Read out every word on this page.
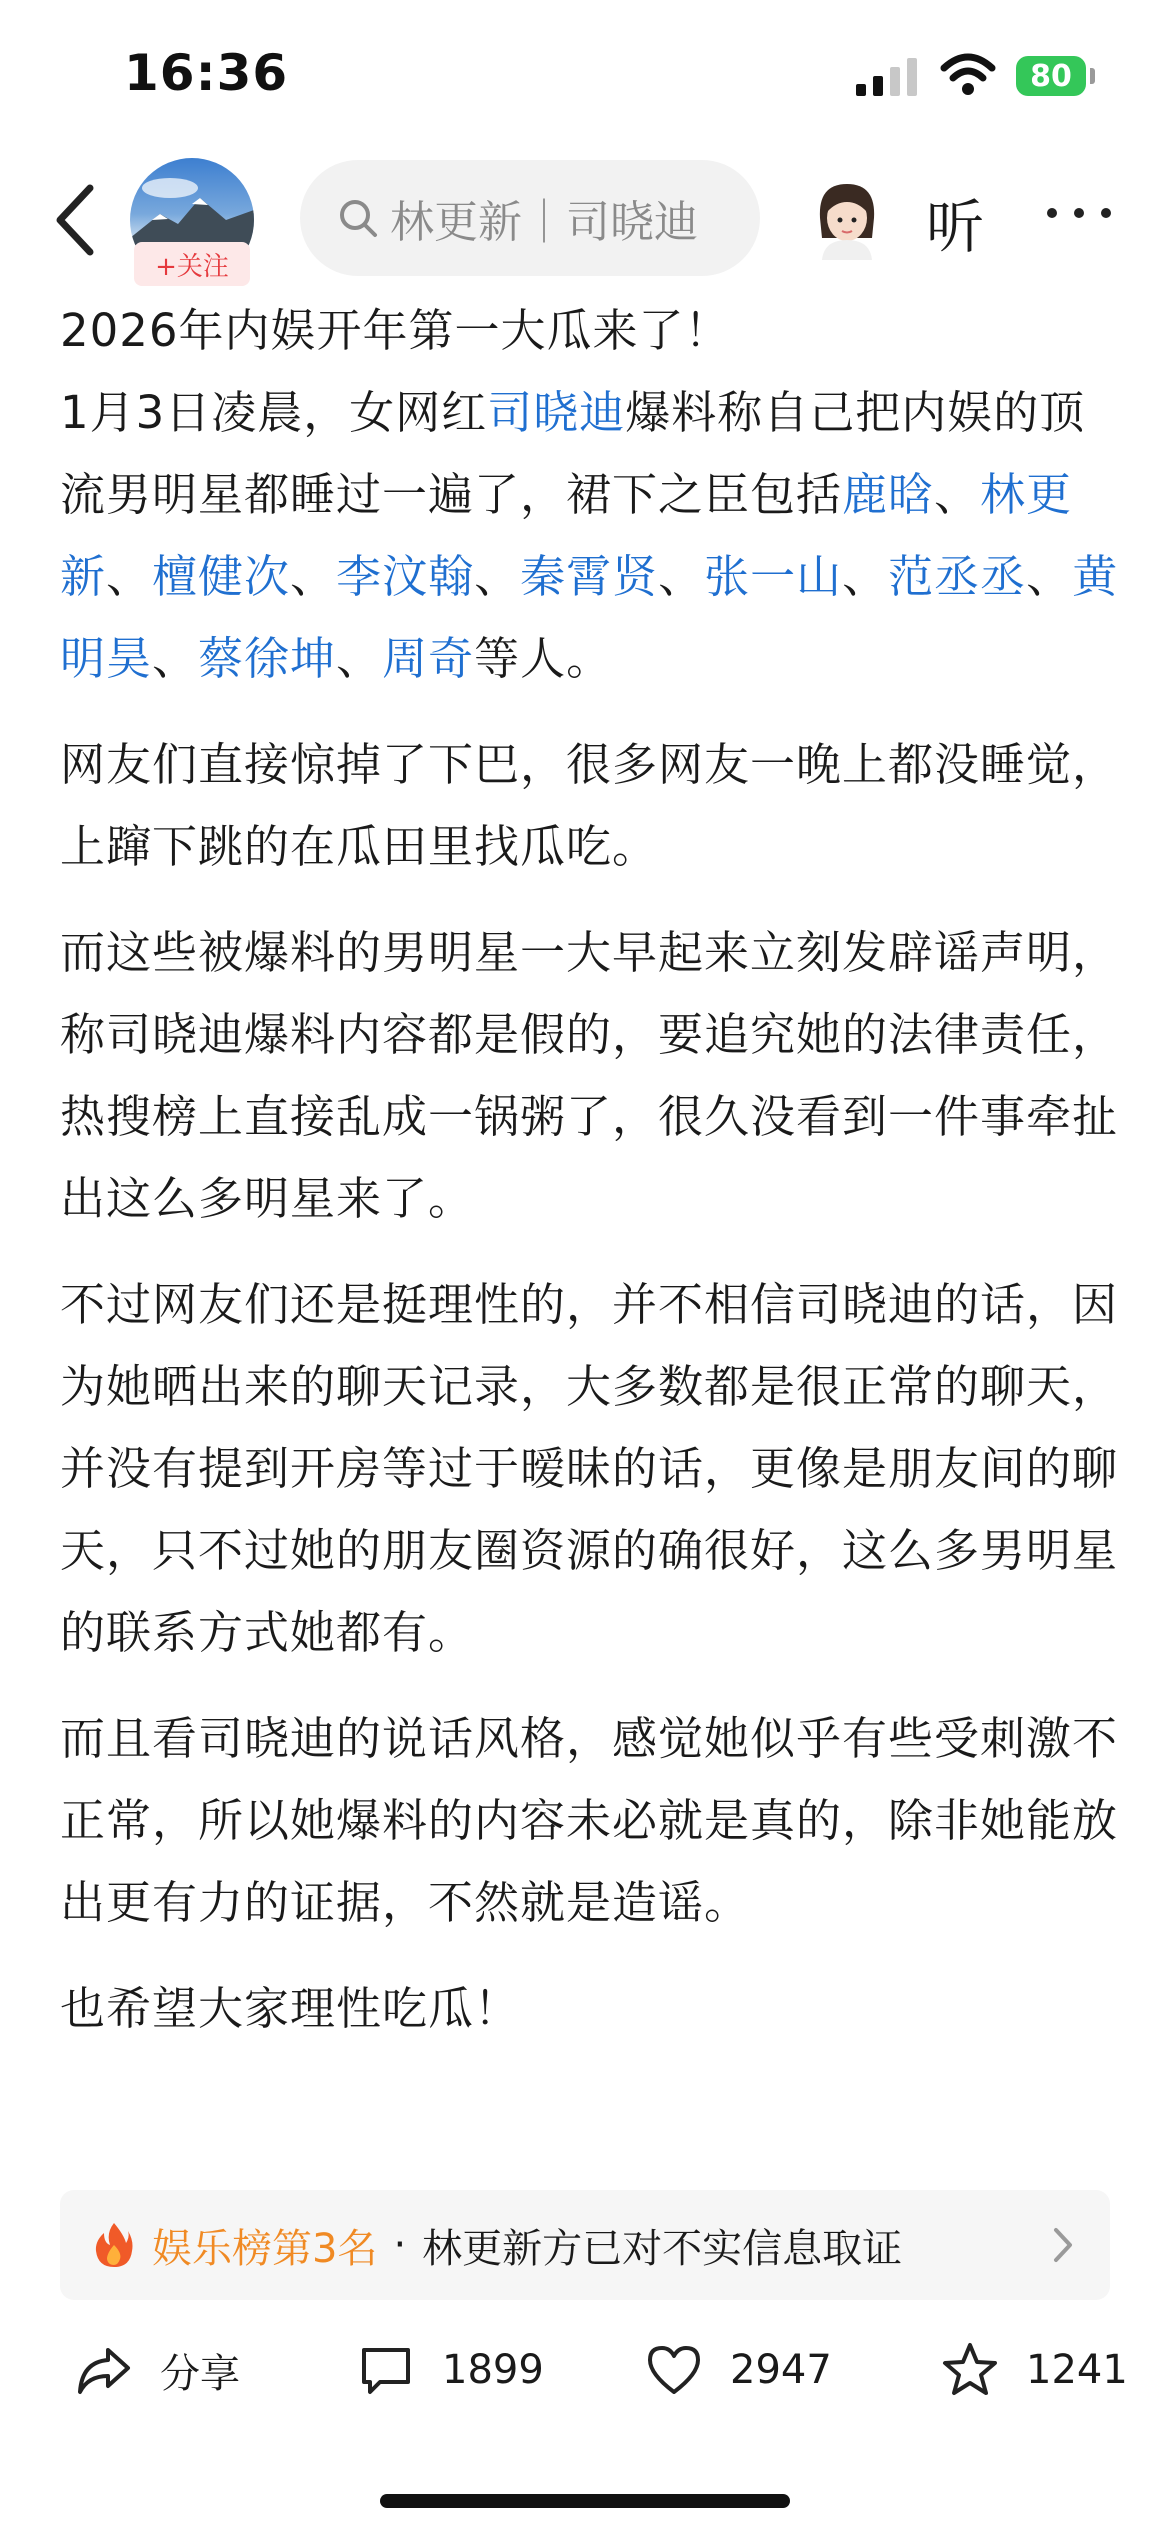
16:36	80
+关注
林更新｜司晓迪	听

2026年内娱开年第一大瓜来了！
1月3日凌晨，女网红司晓迪爆料称自己把内娱的顶流男明星都睡过一遍了，裙下之臣包括鹿晗、林更新、檀健次、李汶翰、秦霄贤、张一山、范丞丞、黄明昊、蔡徐坤、周奇等人。

网友们直接惊掉了下巴，很多网友一晚上都没睡觉，上蹿下跳的在瓜田里找瓜吃。

而这些被爆料的男明星一大早起来立刻发辟谣声明，称司晓迪爆料内容都是假的，要追究她的法律责任，热搜榜上直接乱成一锅粥了，很久没看到一件事牵扯出这么多明星来了。

不过网友们还是挺理性的，并不相信司晓迪的话，因为她晒出来的聊天记录，大多数都是很正常的聊天，并没有提到开房等过于暧昧的话，更像是朋友间的聊天，只不过她的朋友圈资源的确很好，这么多男明星的联系方式她都有。

而且看司晓迪的说话风格，感觉她似乎有些受刺激不正常，所以她爆料的内容未必就是真的，除非她能放出更有力的证据，不然就是造谣。

也希望大家理性吃瓜！

娱乐榜第3名 · 林更新方已对不实信息取证
分享	1899	2947	1241
